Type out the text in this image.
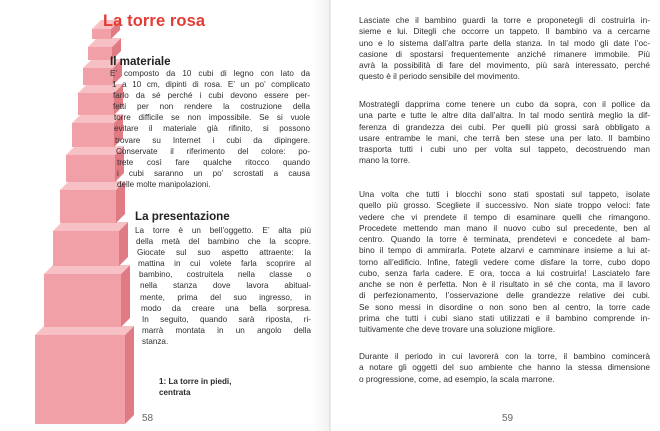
La torre rosa
Il materiale
E’ composto da 10 cubi di legno con lato da
1 a 10 cm, dipinti di rosa. E’ un po’ complicato
farlo da sé perché i cubi devono essere per-
fetti per non rendere la costruzione della
torre difficile se non impossibile. Se si vuole
evitare il materiale già rifinito, si possono
trovare su Internet i cubi da dipingere.
Conservate il riferimento del colore: po-
trete così fare qualche ritocco quando
i cubi saranno un po’ scrostati a causa
delle molte manipolazioni.
La presentazione
La torre è un bell’oggetto. E’ alta più
della metà del bambino che la scopre.
Giocate sul suo aspetto attraente: la
mattina in cui volete farla scoprire al
bambino, costruitela nella classe o
nella stanza dove lavora abitual-
mente, prima del suo ingresso, in
modo da creare una bella sorpresa.
In seguito, quando sarà riposta, ri-
marrà montata in un angolo della
stanza.
1: La torre in piedi,
centrata
58

Lasciate che il bambino guardi la torre e proponetegli di costruirla in-
sieme e lui. Ditegli che occorre un tappeto. Il bambino va a cercarne
uno e lo sistema dall’altra parte della stanza. In tal modo gli date l’oc-
casione di spostarsi frequentemente anziché rimanere immobile. Più
avrà la possibilità di fare del movimento, più sarà interessato, perché
questo è il periodo sensibile del movimento.

Mostrategli dapprima come tenere un cubo da sopra, con il pollice da
una parte e tutte le altre dita dall’altra. In tal modo sentirà meglio la dif-
ferenza di grandezza dei cubi. Per quelli più grossi sarà obbligato a
usare entrambe le mani, che terrà ben stese una per lato. Il bambino
trasporta tutti i cubi uno per volta sul tappeto, decostruendo man
mano la torre.

Una volta che tutti i blocchi sono stati spostati sul tappeto, isolate
quello più grosso. Scegliete il successivo. Non siate troppo veloci: fate
vedere che vi prendete il tempo di esaminare quelli che rimangono.
Procedete mettendo man mano il nuovo cubo sul precedente, ben al
centro. Quando la torre è terminata, prendetevi e concedete al bam-
bino il tempo di ammirarla. Potete alzarvi e camminare insieme a lui at-
torno all’edificio. Infine, fategli vedere come disfare la torre, cubo dopo
cubo, senza farla cadere. E ora, tocca a lui costruirla! Lasciatelo fare
anche se non è perfetta. Non è il risultato in sé che conta, ma il lavoro
di perfezionamento, l’osservazione delle grandezze relative dei cubi.
Se sono messi in disordine o non sono ben al centro, la torre cade
prima che tutti i cubi siano stati utilizzati e il bambino comprende in-
tuitivamente che deve trovare una soluzione migliore.

Durante il periodo in cui lavorerà con la torre, il bambino comincerà
a notare gli oggetti del suo ambiente che hanno la stessa dimensione
o progressione, come, ad esempio, la scala marrone.

59
